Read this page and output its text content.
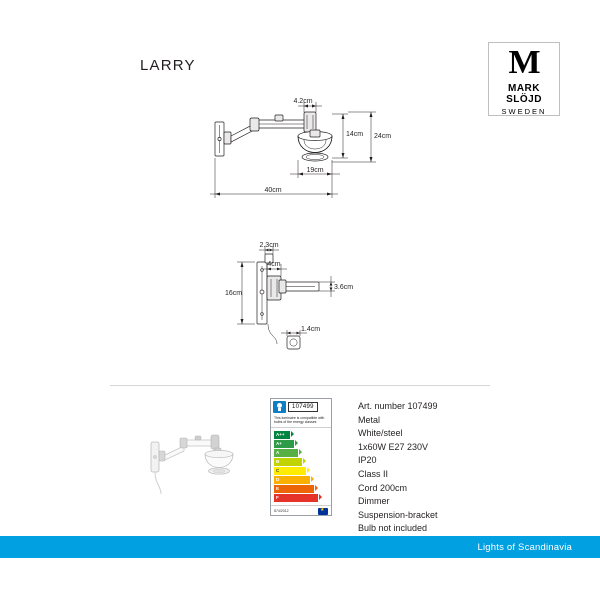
LARRY	M
MARK
SLÖJD
SWEDEN
4.2cm
14cm 24cm
19cm
40cm
2.3cm
4cm
3.6cm
16cm
1.4cm
107499
This luminaire is compatible with bulbs of the energy classes
A++
A+
A
B
C
D
E
F
874/2012
★
Art. number 107499
Metal
White/steel
1x60W E27 230V
IP20
Class II
Cord 200cm
Dimmer
Suspension-bracket
Bulb not included
Lights of Scandinavia
